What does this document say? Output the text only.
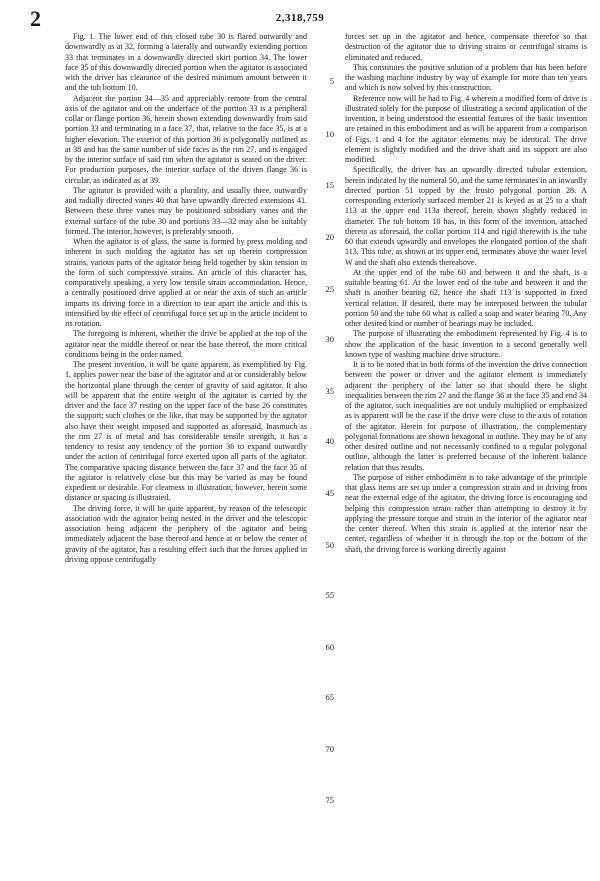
2	2,318,759

Fig. 1. The lower end of this closed tube 30 is flared outwardly and downwardly as at 32, forming a laterally and outwardly extending portion 33 that terminates in a downwardly directed skirt portion 34. The lower face 35 of this downwardly directed portion when the agitator is associated with the driver has clearance of the desired minimum amount between it and the tub bottom 10.

Adjacent the portion 34—35 and appreciably remote from the central axis of the agitator and on the underface of the portion 33 is a peripheral collar or flange portion 36, herein shown extending downwardly from said portion 33 and terminating in a face 37, that, relative to the face 35, is at a higher elevation. The exterior of this portion 36 is polygonally outlined as at 38 and has the same number of side faces as the rim 27, and is engaged by the interior surface of said rim when the agitator is seated on the driver. For production purposes, the interior surface of the driven flange 36 is circular, as indicated as at 39.

The agitator is provided with a plurality, and usually three, outwardly and radially directed vanes 40 that have upwardly directed extensions 41. Between these three vanes may be positioned subsidiary vanes and the external surface of the tube 30 and portions 33—32 may also be suitably formed. The interior, however, is preferably smooth.

When the agitator is of glass, the same is formed by press molding and inherent in such molding the agitator has set up therein compression strains, various parts of the agitator being held together by skin tension in the form of such compressive strains. An article of this character has, comparatively speaking, a very low tensile strain accommodation. Hence, a centrally positioned drive applied at or near the axis of such an article imparts its driving force in a direction to tear apart the article and this is intensified by the effect of centrifugal force set up in the article incident to its rotation.

The foregoing is inherent, whether the drive be applied at the top of the agitator near the middle thereof or near the base thereof, the more critical conditions being in the order named.

The present invention, it will be quite apparent, as exemplified by Fig. 1, applies power near the base of the agitator and at or considerably below the horizontal plane through the center of gravity of said agitator. It also will be apparent that the entire weight of the agitator is carried by the driver and the face 37 resting on the upper face of the base 26 constitutes the support; such clothes or the like, that may be supported by the agitator also have their weight imposed and supported as aforesaid. Inasmuch as the rim 27 is of metal and has considerable tensile strength, it has a tendency to resist any tendency of the portion 36 to expand outwardly under the action of centrifugal force exerted upon all parts of the agitator. The comparative spacing distance between the face 37 and the face 35 of the agitator is relatively close but this may be varied as may be found expedient or desirable. For clearness in illustration, however, herein some distance or spacing is illustrated.

The driving force, it will be quite apparent, by reason of the telescopic association with the agitator being nested in the driver and the telescopic association being adjacent the periphery of the agitator and being immediately adjacent the base thereof and hence at or below the center of gravity of the agitator, has a resulting effect such that the forces applied in driving oppose centrifugally

5
10
15
20
25
30
35
40
45
50
55
60
65
70
75

forces set up in the agitator and hence, compensate therefor so that destruction of the agitator due to driving strains or centrifugal strains is eliminated and reduced.

This constitutes the positive solution of a problem that has been before the washing machine industry by way of example for more than ten years and which is now solved by this construction.

Reference now will be had to Fig. 4 wherein a modified form of drive is illustrated solely for the purpose of illustrating a second application of the invention, it being understood the essential features of the basic invention are retained in this embodiment and as will be apparent from a comparison of Figs. 1 and 4 for the agitator elements may be identical. The drive element is slightly modified and the drive shaft and its support are also modified.

Specifically, the driver has an upwardly directed tubular extension, herein indicated by the numeral 50, and the same terminates in an inwardly directed portion 51 topped by the frusto polygonal portion 28. A corresponding exteriorly surfaced member 21 is keyed as at 25 to a shaft 113 at the upper end 113a thereof, herein shown slightly reduced in diameter. The tub bottom 10 has, in this form of the invention, attached thereto as aforesaid, the collar portion 114 and rigid therewith is the tube 60 that extends upwardly and envelopes the elongated portion of the shaft 113. This tube, as shown at its upper end, terminates above the water level W and the shaft also extends thereabove.

At the upper end of the tube 60 and between it and the shaft, is a suitable bearing 61. At the lower end of the tube and between it and the shaft is another bearing 62, hence the shaft 113 is supported in fixed vertical relation. If desired, there may be interposed between the tubular portion 50 and the tube 60 what is called a soap and water bearing 70. Any other desired kind or number of bearings may be included.

The purpose of illustrating the embodiment represented by Fig. 4 is to show the application of the basic invention to a second generally well known type of washing machine drive structure.

It is to be noted that in both forms of the invention the drive connection between the power or driver and the agitator element is immediately adjacent the periphery of the latter so that should there be slight inequalities between the rim 27 and the flange 36 at the face 35 and end 34 of the agitator, such inequalities are not unduly multiplied or emphasized as is apparent will be the case if the drive were close to the axis of rotation of the agitator. Herein for purpose of illustration, the complementary polygonal formations are shown hexagonal in outline. They may be of any other desired outline and not necessarily confined to a regular polygonal outline, although the latter is preferred because of the inherent balance relation that thus results.

The purpose of either embodiment is to take advantage of the principle that glass items are set up under a compression strain and in driving from near the external edge of the agitator, the driving force is encouraging and helping this compression strain rather than attempting to destroy it by applying the pressure torque and strain in the interior of the agitator near the center thereof. When this strain is applied at the interior near the center, regardless of whether it is through the top or the bottom of the shaft, the driving force is working directly against
